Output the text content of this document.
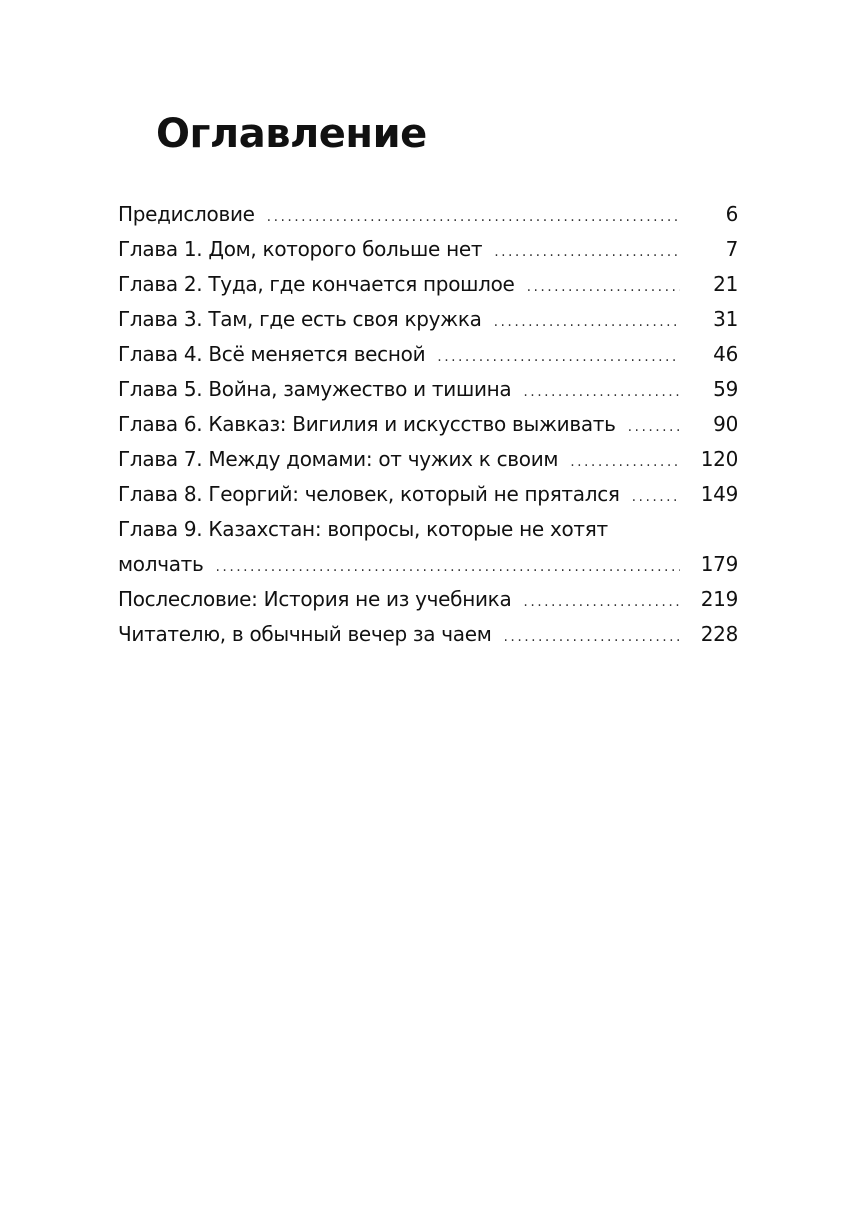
Оглавление
Предисловие . . .	6
Глава 1. Дом, которого больше нет . . .	7
Глава 2. Туда, где кончается прошлое . . .	21
Глава 3. Там, где есть своя кружка . . .	31
Глава 4. Всё меняется весной . . .	46
Глава 5. Война, замужество и тишина . . .	59
Глава 6. Кавказ: Вигилия и искусство выживать . . .	90
Глава 7. Между домами: от чужих к своим . . .	120
Глава 8. Георгий: человек, который не прятался . . .	149
Глава 9. Казахстан: вопросы, которые не хотят
молчать . . .	179
Послесловие: История не из учебника . . .	219
Читателю, в обычный вечер за чаем . . .	228
